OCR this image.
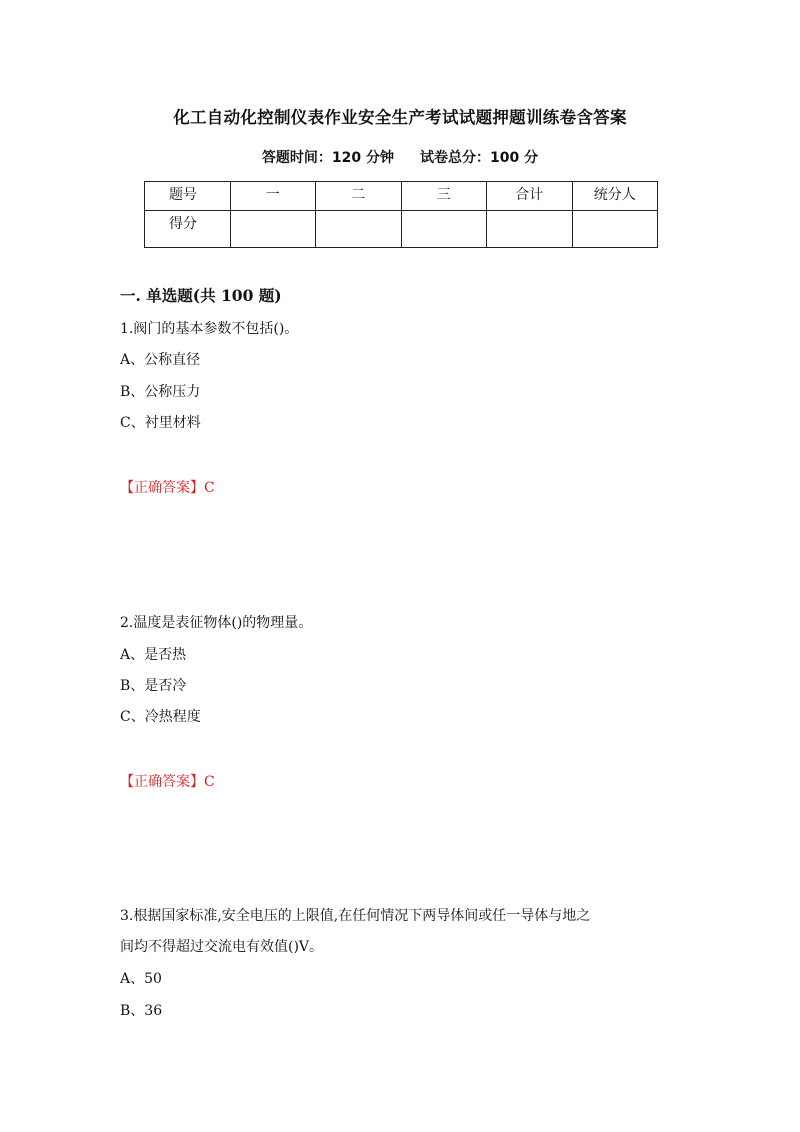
化工自动化控制仪表作业安全生产考试试题押题训练卷含答案
答题时间：120 分钟 试卷总分：100 分
题号	一	二	三	合计	统分人

得分					

一. 单选题(共 100 题)
1.阀门的基本参数不包括()。
A、公称直径
B、公称压力
C、衬里材料
【正确答案】C
2.温度是表征物体()的物理量。
A、是否热
B、是否冷
C、冷热程度
【正确答案】C
3.根据国家标准,安全电压的上限值,在任何情况下两导体间或任一导体与地之
间均不得超过交流电有效值()V。
A、50
B、36
